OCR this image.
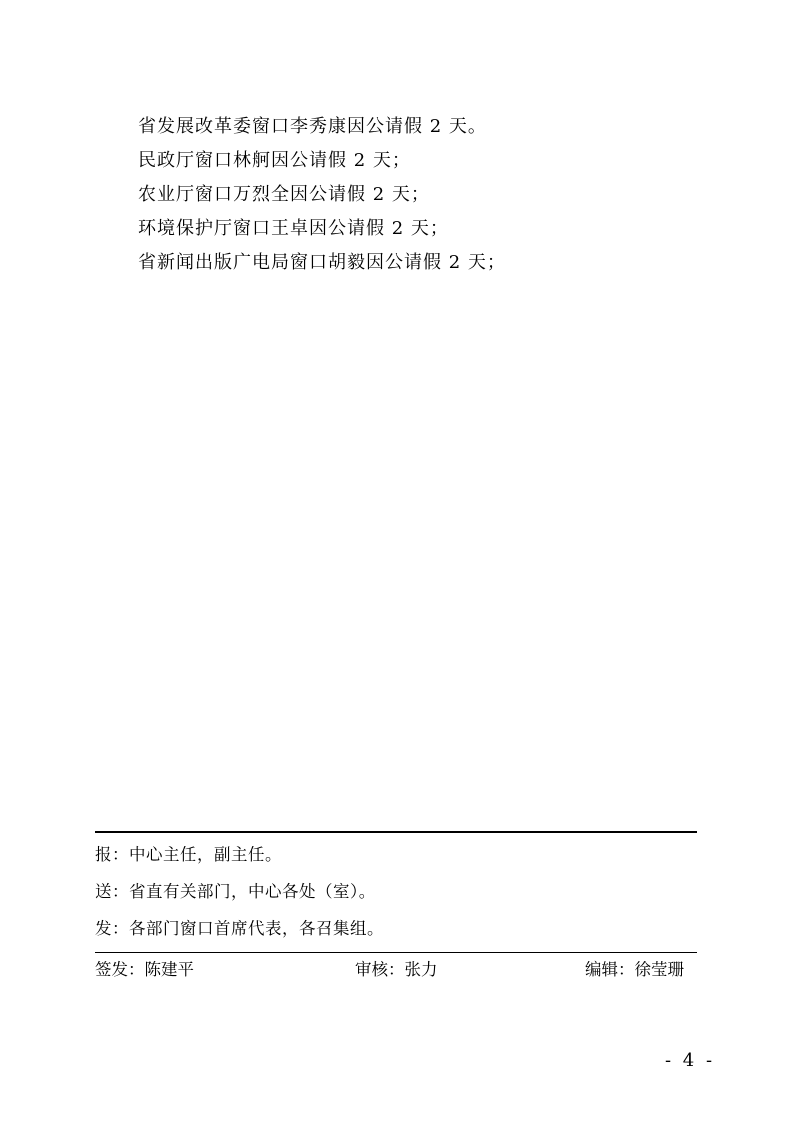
省发展改革委窗口李秀康因公请假 2 天。
民政厅窗口林舸因公请假 2 天；
农业厅窗口万烈全因公请假 2 天；
环境保护厅窗口王卓因公请假 2 天；
省新闻出版广电局窗口胡毅因公请假 2 天；
报：中心主任，副主任。
送：省直有关部门，中心各处（室）。
发：各部门窗口首席代表，各召集组。
签发：陈建平	审核：张力	编辑：徐莹珊
- 4 -
